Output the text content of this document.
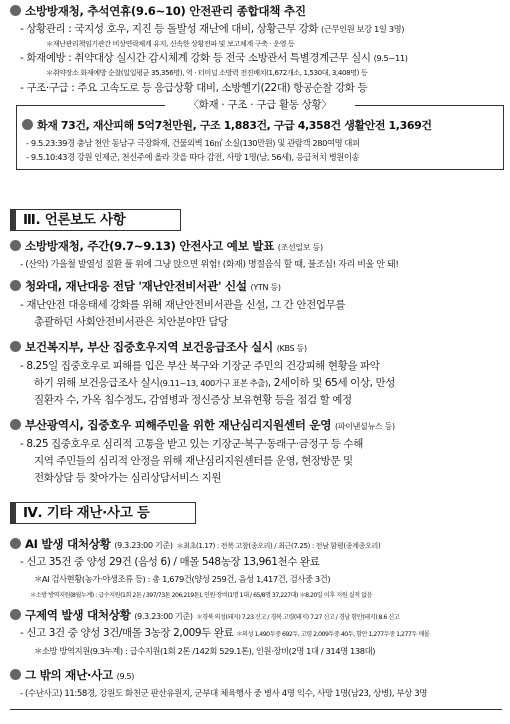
소방방재청, 추석연휴(9.6~10) 안전관리 종합대책 추진
- 상황관리 : 국지성 호우, 지진 등 돌발성 재난에 대비, 상황근무 강화 (근무인원 보강 1일 3명)
＊재난관리책임기관간 비상연락체계 유지, 신속한 상황전파 및 보고체계 구축 · 운영 등
- 화재예방 : 취약대상 실시간 감시체계 강화 등 전국 소방관서 특별경계근무 실시 (9.5~11)
＊취약장소 화재예방 순찰(일일평균 35,356명), 역 · 터미널 소방력 전진배치(1,672개소, 1,530대, 3,408명) 등
- 구조·구급 : 주요 고속도로 등 응급상황 대비, 소방헬기(22대) 항공순찰 강화 등
〈화재 · 구조 · 구급 활동 상황〉
화재 73건, 재산피해 5억7천만원, 구조 1,883건, 구급 4,358건 생활안전 1,369건
- 9.5.23:39경 충남 천안 동남구 극장화재, 건물외벽 16㎡ 소실(130만원) 및 관람객 280여명 대피
- 9.5.10:43경 강원 인제군, 천신주에 올라 갓을 따다 감전, 사망 1명(남, 56세), 응급처치 병원이송
Ⅲ. 언론보도 사항
소방방재청, 주간(9.7~9.13) 안전사고 예보 발표 (조선일보 등)
- (산악) 가을철 발열성 질환 풀 위에 그냥 앉으면 위험! (화재) 명절음식 할 때, 불조심! 자리 비울 안 돼!
청와대, 재난대응 전담 '재난안전비서관' 신설 (YTN 등)
- 재난안전 대응태세 강화를 위해 재난안전비서관을 신설, 그 간 안전업무를
총괄하던 사회안전비서관은 치안분야만 담당
보건복지부, 부산 집중호우지역 보건응급조사 실시 (KBS 등)
- 8.25일 집중호우로 피해를 입은 부산 북구와 기장군 주민의 건강피해 현황을 파악
하기 위해 보건응급조사 실시(9.11~13, 400가구 표본 추출), 2세이하 및 65세 이상, 만성
질환자 수, 가옥 침수정도, 감염병과 정신증상 보유현황 등을 점검 할 예정
부산광역시, 집중호우 피해주민을 위한 재난심리지원센터 운영 (파이낸셜뉴스 등)
- 8.25 집중호우로 심리적 고통을 받고 있는 기장군·북구·동래구·금정구 등 수해
지역 주민들의 심리적 안정을 위해 재난심리지원센터를 운영, 현장방문 및
전화상담 등 찾아가는 심리상담서비스 지원
Ⅳ. 기타 재난·사고 등
AI 발생 대처상황 (9.3.23:00 기준) ＊최초(1.17) : 전북 고창(종오리) / 최근(7.25) : 전남 함평(종계종오리)
- 신고 35건 중 양성 29건 (음성 6) / 매몰 548농장 13,961천수 완료
＊AI 검사현황(농가·야생조류 등) : 총 1,679건(양성 259건, 음성 1,417건, 검사중 3건)
＊소방 방역지원(8월누계) : 급수지원(1회 2톤 / 397/73톤 206,219톤), 인원·장비(1명 1대 / 65/8명 37,227대) ＊8.20일 이후 지원 실적 없음
구제역 발생 대처상황 (9.3.23:00 기준) ＊경북 의성(돼지) 7.23 신고 / 경북 고령(돼지) 7.27 신고 / 경남 함안(돼지) 8.6 신고
- 신고 3건 중 양성 3건/매몰 3농장 2,009두 완료 ＊의성 1,490두중 692두, 고령 2,009두중 40두, 함안 1,277두중 1,277두 매몰
＊소방 방역지원(9.3누계) : 급수지원(1회 2톤 /142회 529.1톤), 인원·장비(2명 1대 / 314명 138대)
그 밖의 재난·사고 (9.5)
- (수난사고) 11:58경, 강원도 화천군 판산유원지, 군부대 체육행사 중 병사 4명 익수, 사망 1명(남23, 상병), 부상 3명
